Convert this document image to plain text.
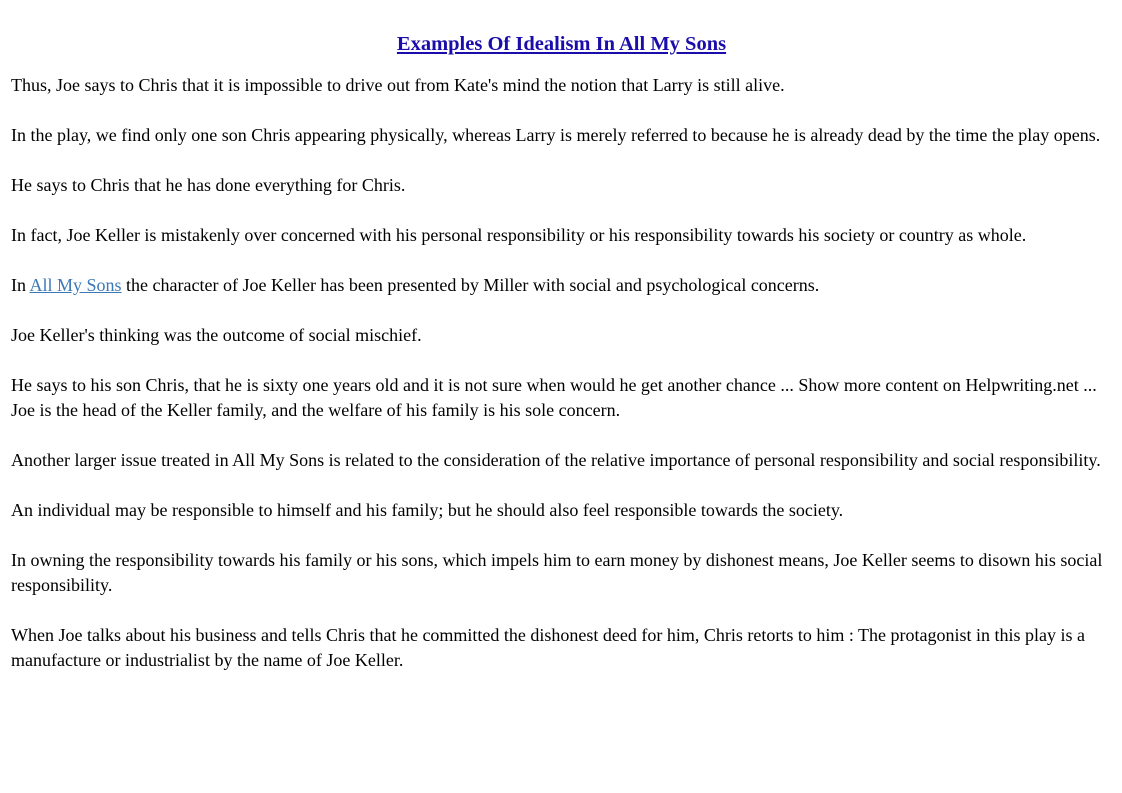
Examples Of Idealism In All My Sons

Thus, Joe says to Chris that it is impossible to drive out from Kate's mind the notion that Larry is still alive.

In the play, we find only one son Chris appearing physically, whereas Larry is merely referred to because he is already dead by the time the play opens.

He says to Chris that he has done everything for Chris.

In fact, Joe Keller is mistakenly over concerned with his personal responsibility or his responsibility towards his society or country as whole.

In All My Sons the character of Joe Keller has been presented by Miller with social and psychological concerns.

Joe Keller's thinking was the outcome of social mischief.

He says to his son Chris, that he is sixty one years old and it is not sure when would he get another chance ... Show more content on Helpwriting.net ...

Joe is the head of the Keller family, and the welfare of his family is his sole concern.

Another larger issue treated in All My Sons is related to the consideration of the relative importance of personal responsibility and social responsibility.

An individual may be responsible to himself and his family; but he should also feel responsible towards the society.

In owning the responsibility towards his family or his sons, which impels him to earn money by dishonest means, Joe Keller seems to disown his social responsibility.

When Joe talks about his business and tells Chris that he committed the dishonest deed for him, Chris retorts to him : The protagonist in this play is a manufacture or industrialist by the name of Joe Keller.
